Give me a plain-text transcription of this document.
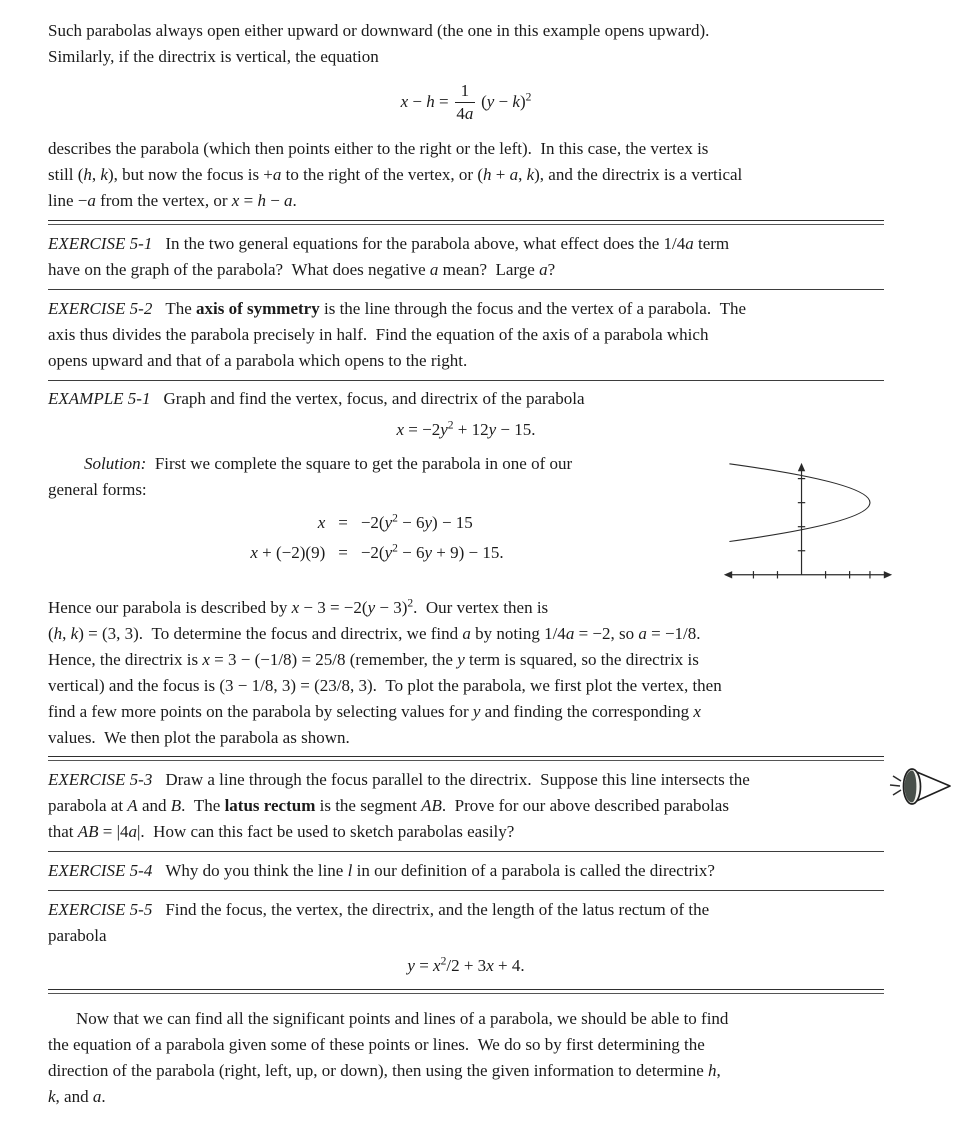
Such parabolas always open either upward or downward (the one in this example opens upward).
Similarly, if the directrix is vertical, the equation

$x - h = \frac{1}{4a} (y - k)^2$

describes the parabola (which then points either to the right or the left).  In this case, the vertex is
still (h, k), but now the focus is +a to the right of the vertex, or (h + a, k), and the directrix is a vertical
line −a from the vertex, or x = h − a.

EXERCISE 5-1 In the two general equations for the parabola above, what effect does the 1/4a term
have on the graph of the parabola?  What does negative a mean?  Large a?
EXERCISE 5-2 The axis of symmetry is the line through the focus and the vertex of a parabola.  The
axis thus divides the parabola precisely in half.  Find the equation of the axis of a parabola which
opens upward and that of a parabola which opens to the right.

EXAMPLE 5-1 Graph and find the vertex, focus, and directrix of the parabola

$x = -2y^2 + 12y - 15$.

Solution:  First we complete the square to get the parabola in one of our
general forms:

x	=	$-2(y^2 - 6y) - 15$
x + (−2)(9)	=	$-2(y^2 - 6y + 9) - 15$.

Hence our parabola is described by $x - 3 = -2(y - 3)^2$.  Our vertex then is
(h, k) = (3, 3).  To determine the focus and directrix, we find a by noting 1/4a = −2, so a = −1/8.
Hence, the directrix is x = 3 − (−1/8) = 25/8 (remember, the y term is squared, so the directrix is
vertical) and the focus is (3 − 1/8, 3) = (23/8, 3).  To plot the parabola, we first plot the vertex, then
find a few more points on the parabola by selecting values for y and finding the corresponding x
values.  We then plot the parabola as shown.

EXERCISE 5-3 Draw a line through the focus parallel to the directrix.  Suppose this line intersects the
parabola at A and B.  The latus rectum is the segment AB.  Prove for our above described parabolas
that AB = |4a|.  How can this fact be used to sketch parabolas easily?
EXERCISE 5-4 Why do you think the line l in our definition of a parabola is called the directrix?
EXERCISE 5-5 Find the focus, the vertex, the directrix, and the length of the latus rectum of the
parabola
$y = x^2/2 + 3x + 4$.

Now that we can find all the significant points and lines of a parabola, we should be able to find
the equation of a parabola given some of these points or lines.  We do so by first determining the
direction of the parabola (right, left, up, or down), then using the given information to determine h,
k, and a.
